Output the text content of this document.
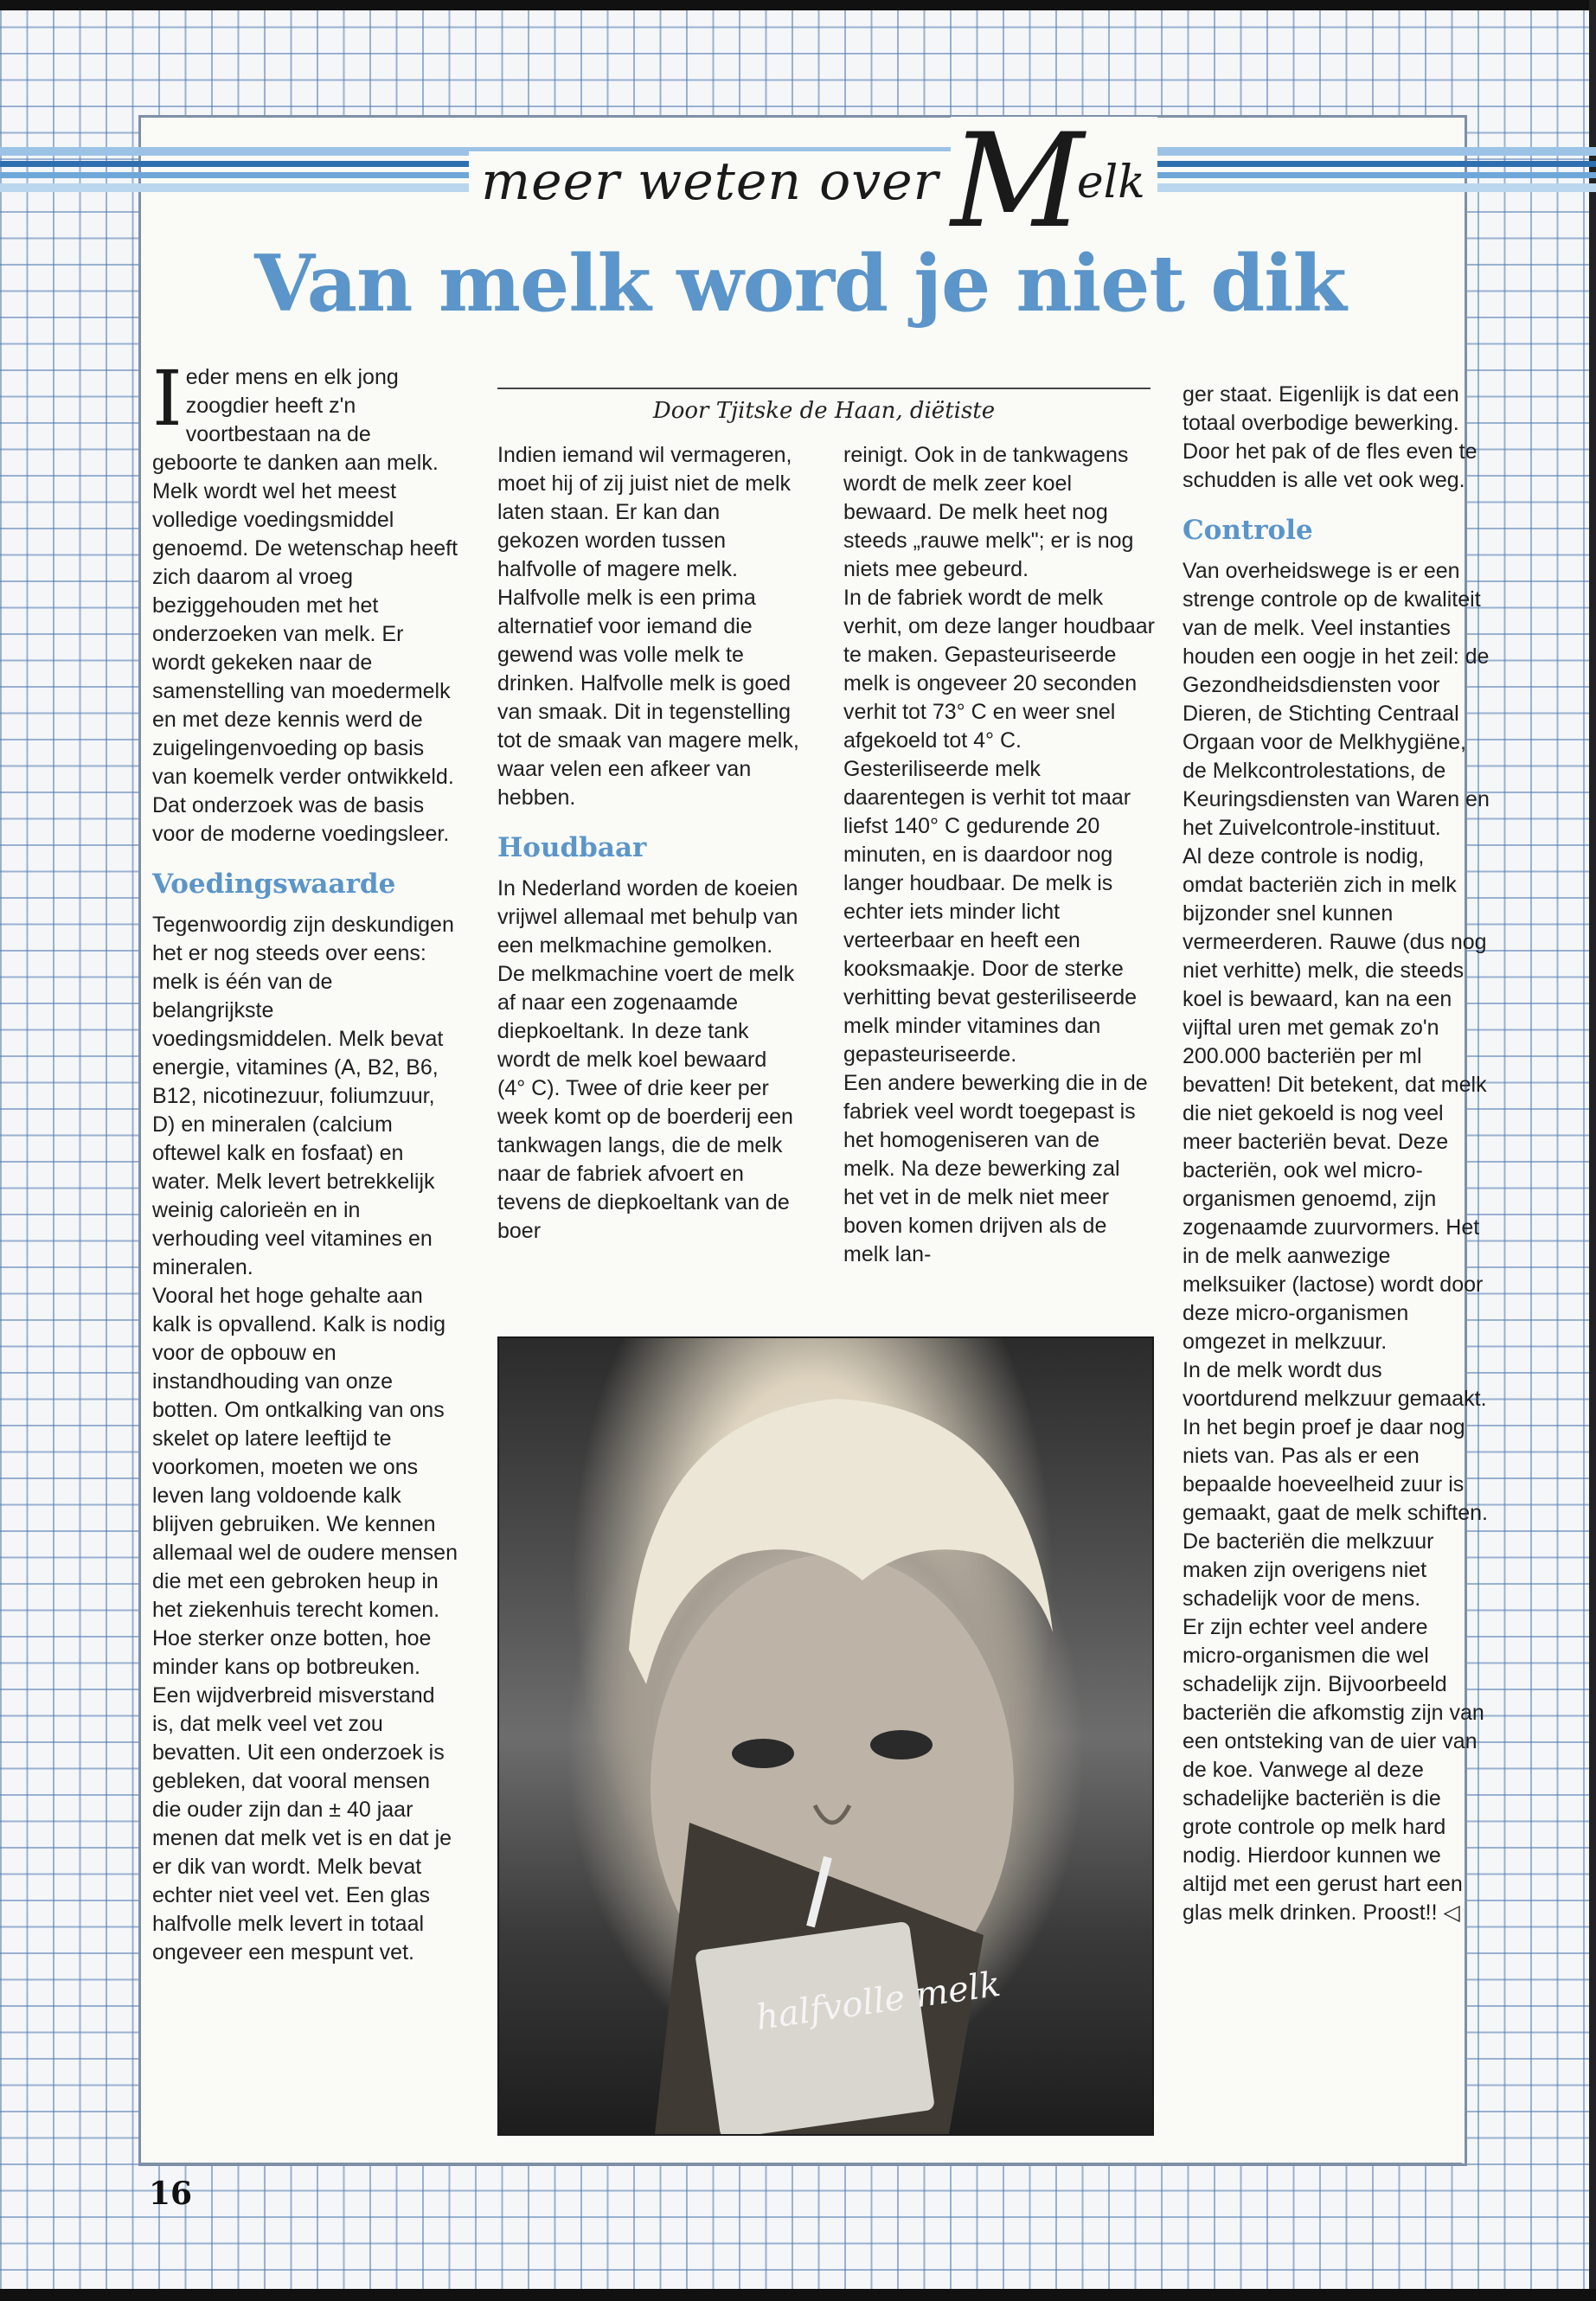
meer weten over M
elk
Van melk word je niet dik

Ieder mens en elk jong zoogdier heeft z'n voortbestaan na de geboorte te danken aan melk. Melk wordt wel het meest volledige voedingsmiddel genoemd. De wetenschap heeft zich daarom al vroeg beziggehouden met het onderzoeken van melk. Er wordt gekeken naar de samenstelling van moedermelk en met deze kennis werd de zuigelingenvoeding op basis van koemelk verder ontwikkeld. Dat onderzoek was de basis voor de moderne voedingsleer.

Voedingswaarde

Tegenwoordig zijn deskundigen het er nog steeds over eens: melk is één van de belangrijkste voedingsmiddelen. Melk bevat energie, vitamines (A, B2, B6, B12, nicotinezuur, foliumzuur, D) en mineralen (calcium oftewel kalk en fosfaat) en water. Melk levert betrekkelijk weinig calorieën en in verhouding veel vitamines en mineralen.

Vooral het hoge gehalte aan kalk is opvallend. Kalk is nodig voor de opbouw en instandhouding van onze botten. Om ontkalking van ons skelet op latere leeftijd te voorkomen, moeten we ons leven lang voldoende kalk blijven gebruiken. We kennen allemaal wel de oudere mensen die met een gebroken heup in het ziekenhuis terecht komen. Hoe sterker onze botten, hoe minder kans op botbreuken.

Een wijdverbreid misverstand is, dat melk veel vet zou bevatten. Uit een onderzoek is gebleken, dat vooral mensen die ouder zijn dan ± 40 jaar menen dat melk vet is en dat je er dik van wordt. Melk bevat echter niet veel vet. Een glas halfvolle melk levert in totaal ongeveer een mespunt vet.

Door Tjitske de Haan, diëtiste

Indien iemand wil vermageren, moet hij of zij juist niet de melk laten staan. Er kan dan gekozen worden tussen halfvolle of magere melk. Halfvolle melk is een prima alternatief voor iemand die gewend was volle melk te drinken. Halfvolle melk is goed van smaak. Dit in tegenstelling tot de smaak van magere melk, waar velen een afkeer van hebben.

Houdbaar

In Nederland worden de koeien vrijwel allemaal met behulp van een melkmachine gemolken. De melkmachine voert de melk af naar een zogenaamde diepkoeltank. In deze tank wordt de melk koel bewaard (4° C). Twee of drie keer per week komt op de boerderij een tankwagen langs, die de melk naar de fabriek afvoert en tevens de diepkoeltank van de boer

reinigt. Ook in de tankwagens wordt de melk zeer koel bewaard. De melk heet nog steeds „rauwe melk"; er is nog niets mee gebeurd.

In de fabriek wordt de melk verhit, om deze langer houdbaar te maken. Gepasteuriseerde melk is ongeveer 20 seconden verhit tot 73° C en weer snel afgekoeld tot 4° C. Gesteriliseerde melk daarentegen is verhit tot maar liefst 140° C gedurende 20 minuten, en is daardoor nog langer houdbaar. De melk is echter iets minder licht verteerbaar en heeft een kooksmaakje. Door de sterke verhitting bevat gesteriliseerde melk minder vitamines dan gepasteuriseerde.

Een andere bewerking die in de fabriek veel wordt toegepast is het homogeniseren van de melk. Na deze bewerking zal het vet in de melk niet meer boven komen drijven als de melk lan-

halfvolle melk

ger staat. Eigenlijk is dat een totaal overbodige bewerking. Door het pak of de fles even te schudden is alle vet ook weg.

Controle

Van overheidswege is er een strenge controle op de kwaliteit van de melk. Veel instanties houden een oogje in het zeil: de Gezondheidsdiensten voor Dieren, de Stichting Centraal Orgaan voor de Melkhygiëne, de Melkcontrolestations, de Keuringsdiensten van Waren en het Zuivelcontrole-instituut.

Al deze controle is nodig, omdat bacteriën zich in melk bijzonder snel kunnen vermeerderen. Rauwe (dus nog niet verhitte) melk, die steeds koel is bewaard, kan na een vijftal uren met gemak zo'n 200.000 bacteriën per ml bevatten! Dit betekent, dat melk die niet gekoeld is nog veel meer bacteriën bevat. Deze bacteriën, ook wel micro-organismen genoemd, zijn zogenaamde zuurvormers. Het in de melk aanwezige melksuiker (lactose) wordt door deze micro-organismen omgezet in melkzuur.

In de melk wordt dus voortdurend melkzuur gemaakt. In het begin proef je daar nog niets van. Pas als er een bepaalde hoeveelheid zuur is gemaakt, gaat de melk schiften. De bacteriën die melkzuur maken zijn overigens niet schadelijk voor de mens.

Er zijn echter veel andere micro-organismen die wel schadelijk zijn. Bijvoorbeeld bacteriën die afkomstig zijn van een ontsteking van de uier van de koe. Vanwege al deze schadelijke bacteriën is die grote controle op melk hard nodig. Hierdoor kunnen we altijd met een gerust hart een glas melk drinken. Proost!! ◁

16
